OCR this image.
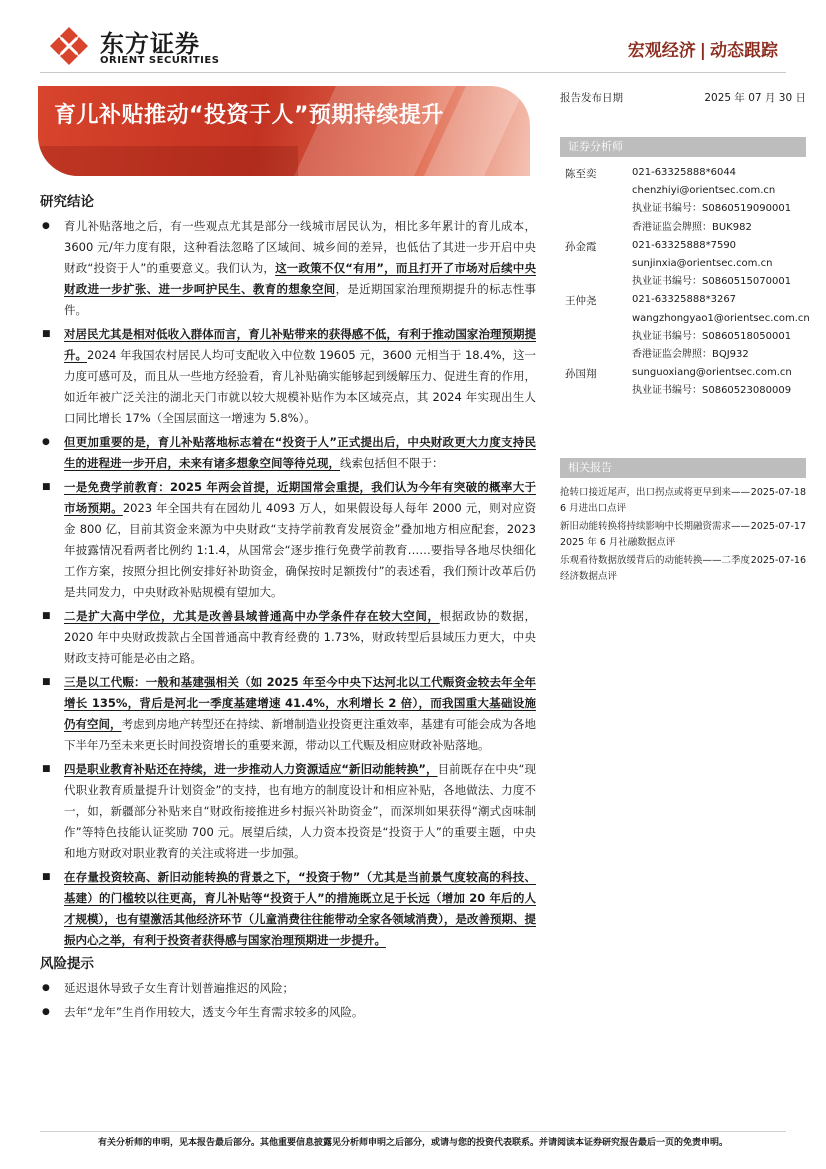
东方证券
ORIENT SECURITIES	宏观经济 | 动态跟踪
育儿补贴推动“投资于人”预期持续提升
报告发布日期	2025 年 07 月 30 日
证券分析师
陈至奕	021-63325888*6044
chenzhiyi@orientsec.com.cn
执业证书编号：S0860519090001
香港证监会牌照：BUK982
孙金霞	021-63325888*7590
sunjinxia@orientsec.com.cn
执业证书编号：S0860515070001
王仲尧	021-63325888*3267
wangzhongyao1@orientsec.com.cn
执业证书编号：S0860518050001
香港证监会牌照：BQJ932
孙国翔	sunguoxiang@orientsec.com.cn
执业证书编号：S0860523080009
相关报告
抢转口接近尾声，出口拐点或将更早到来——6 月进出口点评
2025-07-18
新旧动能转换将持续影响中长期融资需求——2025 年 6 月社融数据点评
2025-07-17
乐观看待数据放缓背后的动能转换——二季度经济数据点评
2025-07-16
研究结论
● 育儿补贴落地之后，有一些观点尤其是部分一线城市居民认为，相比多年累计的育儿成本，3600 元/年力度有限，这种看法忽略了区域间、城乡间的差异，也低估了其进一步开启中央财政“投资于人”的重要意义。我们认为，这一政策不仅“有用”，而且打开了市场对后续中央财政进一步扩张、进一步呵护民生、教育的想象空间，是近期国家治理预期提升的标志性事件。
■ 对居民尤其是相对低收入群体而言，育儿补贴带来的获得感不低，有利于推动国家治理预期提升。2024 年我国农村居民人均可支配收入中位数 19605 元，3600 元相当于 18.4%，这一力度可感可及，而且从一些地方经验看，育儿补贴确实能够起到缓解压力、促进生育的作用，如近年被广泛关注的湖北天门市就以较大规模补贴作为本区域亮点，其 2024 年实现出生人口同比增长 17%（全国层面这一增速为 5.8%）。
● 但更加重要的是，育儿补贴落地标志着在“投资于人”正式提出后，中央财政更大力度支持民生的进程进一步开启，未来有诸多想象空间等待兑现，线索包括但不限于：
■ 一是免费学前教育：2025 年两会首提，近期国常会重提，我们认为今年有突破的概率大于市场预期。2023 年全国共有在园幼儿 4093 万人，如果假设每人每年 2000 元，则对应资金 800 亿，目前其资金来源为中央财政“支持学前教育发展资金”叠加地方相应配套，2023 年披露情况看两者比例约 1:1.4，从国常会“逐步推行免费学前教育……要指导各地尽快细化工作方案，按照分担比例安排好补助资金，确保按时足额拨付”的表述看，我们预计改革后仍是共同发力，中央财政补贴规模有望加大。
■ 二是扩大高中学位，尤其是改善县域普通高中办学条件存在较大空间，根据政协的数据，2020 年中央财政拨款占全国普通高中教育经费的 1.73%，财政转型后县域压力更大，中央财政支持可能是必由之路。
■ 三是以工代赈：一般和基建强相关（如 2025 年至今中央下达河北以工代赈资金较去年全年增长 135%，背后是河北一季度基建增速 41.4%，水利增长 2 倍），而我国重大基础设施仍有空间，考虑到房地产转型还在持续、新增制造业投资更注重效率，基建有可能会成为各地下半年乃至未来更长时间投资增长的重要来源，带动以工代赈及相应财政补贴落地。
■ 四是职业教育补贴还在持续，进一步推动人力资源适应“新旧动能转换”，目前既存在中央“现代职业教育质量提升计划资金”的支持，也有地方的制度设计和相应补贴，各地做法、力度不一，如，新疆部分补贴来自“财政衔接推进乡村振兴补助资金”，而深圳如果获得“潮式卤味制作”等特色技能认证奖励 700 元。展望后续，人力资本投资是“投资于人”的重要主题，中央和地方财政对职业教育的关注或将进一步加强。
■ 在存量投资较高、新旧动能转换的背景之下，“投资于物”（尤其是当前景气度较高的科技、基建）的门槛较以往更高，育儿补贴等“投资于人”的措施既立足于长远（增加 20 年后的人才规模），也有望激活其他经济环节（儿童消费往往能带动全家各领域消费），是改善预期、提振内心之举，有利于投资者获得感与国家治理预期进一步提升。
风险提示
● 延迟退休导致子女生育计划普遍推迟的风险；
● 去年“龙年”生肖作用较大，透支今年生育需求较多的风险。
有关分析师的申明，见本报告最后部分。其他重要信息披露见分析师申明之后部分，或请与您的投资代表联系。并请阅读本证券研究报告最后一页的免责申明。
